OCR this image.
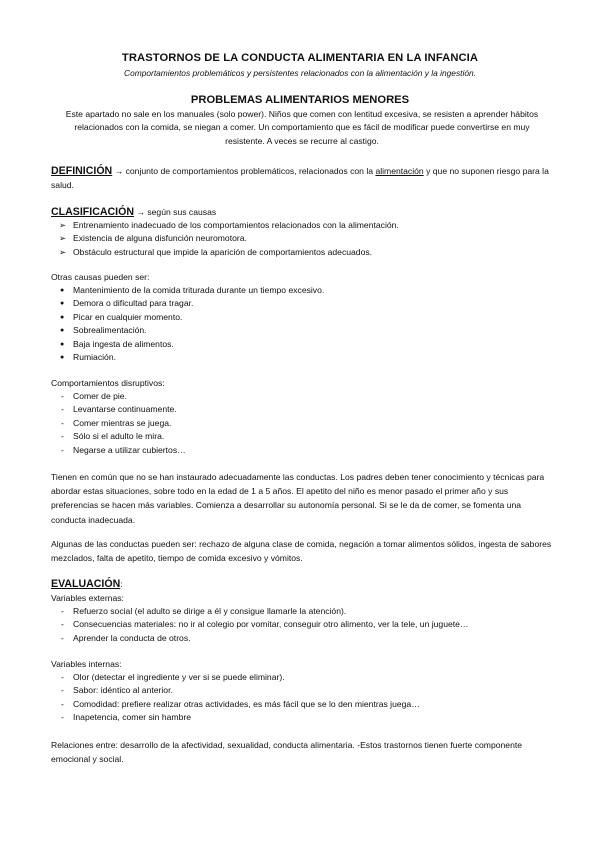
TRASTORNOS DE LA CONDUCTA ALIMENTARIA EN LA INFANCIA
Comportamientos problemáticos y persistentes relacionados con la alimentación y la ingestión.
PROBLEMAS ALIMENTARIOS MENORES
Este apartado no sale en los manuales (solo power). Niños que comen con lentitud excesiva, se resisten a aprender hábitos relacionados con la comida, se niegan a comer. Un comportamiento que es fácil de modificar puede convertirse en muy resistente. A veces se recurre al castigo.
DEFINICIÓN → conjunto de comportamientos problemáticos, relacionados con la alimentación y que no suponen riesgo para la salud.
CLASIFICACIÓN → según sus causas
➢ Entrenamiento inadecuado de los comportamientos relacionados con la alimentación.
➢ Existencia de alguna disfunción neuromotora.
➢ Obstáculo estructural que impide la aparición de comportamientos adecuados.
Otras causas pueden ser:
● Mantenimiento de la comida triturada durante un tiempo excesivo.
● Demora o dificultad para tragar.
● Picar en cualquier momento.
● Sobrealimentación.
● Baja ingesta de alimentos.
● Rumiación.
Comportamientos disruptivos:
- Comer de pie.
- Levantarse continuamente.
- Comer mientras se juega.
- Sólo si el adulto le mira.
- Negarse a utilizar cubiertos…
Tienen en común que no se han instaurado adecuadamente las conductas. Los padres deben tener conocimiento y técnicas para abordar estas situaciones, sobre todo en la edad de 1 a 5 años. El apetito del niño es menor pasado el primer año y sus preferencias se hacen más variables. Comienza a desarrollar su autonomía personal. Si se le da de comer, se fomenta una conducta inadecuada.
Algunas de las conductas pueden ser: rechazo de alguna clase de comida, negación a tomar alimentos sólidos, ingesta de sabores mezclados, falta de apetito, tiempo de comida excesivo y vómitos.
EVALUACIÓN:
Variables externas:
- Refuerzo social (el adulto se dirige a él y consigue llamarle la atención).
- Consecuencias materiales: no ir al colegio por vomitar, conseguir otro alimento, ver la tele, un juguete…
- Aprender la conducta de otros.
Variables internas:
- Olor (detectar el ingrediente y ver si se puede eliminar).
- Sabor: idéntico al anterior.
- Comodidad: prefiere realizar otras actividades, es más fácil que se lo den mientras juega…
- Inapetencia, comer sin hambre
Relaciones entre: desarrollo de la afectividad, sexualidad, conducta alimentaria. -Estos trastornos tienen fuerte componente emocional y social.
